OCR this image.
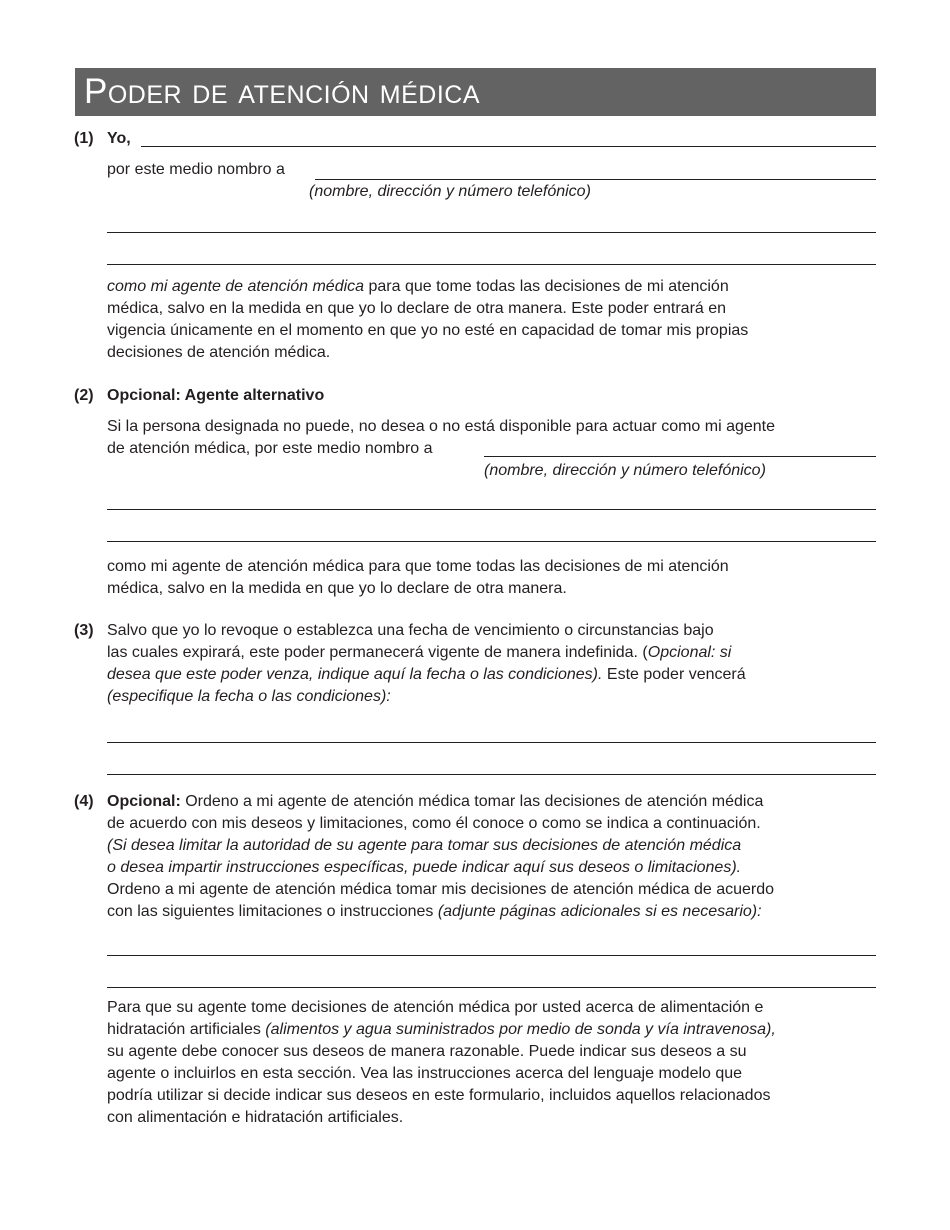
Poder de atención médica
(1) Yo,
por este medio nombro a
(nombre, dirección y número telefónico)
como mi agente de atención médica para que tome todas las decisiones de mi atención
médica, salvo en la medida en que yo lo declare de otra manera. Este poder entrará en
vigencia únicamente en el momento en que yo no esté en capacidad de tomar mis propias
decisiones de atención médica.
(2) Opcional: Agente alternativo
Si la persona designada no puede, no desea o no está disponible para actuar como mi agente
de atención médica, por este medio nombro a
(nombre, dirección y número telefónico)
como mi agente de atención médica para que tome todas las decisiones de mi atención
médica, salvo en la medida en que yo lo declare de otra manera.
(3) Salvo que yo lo revoque o establezca una fecha de vencimiento o circunstancias bajo
las cuales expirará, este poder permanecerá vigente de manera indefinida. (Opcional: si
desea que este poder venza, indique aquí la fecha o las condiciones). Este poder vencerá
(especifique la fecha o las condiciones):
(4) Opcional: Ordeno a mi agente de atención médica tomar las decisiones de atención médica
de acuerdo con mis deseos y limitaciones, como él conoce o como se indica a continuación.
(Si desea limitar la autoridad de su agente para tomar sus decisiones de atención médica
o desea impartir instrucciones específicas, puede indicar aquí sus deseos o limitaciones).
Ordeno a mi agente de atención médica tomar mis decisiones de atención médica de acuerdo
con las siguientes limitaciones o instrucciones (adjunte páginas adicionales si es necesario):
Para que su agente tome decisiones de atención médica por usted acerca de alimentación e
hidratación artificiales (alimentos y agua suministrados por medio de sonda y vía intravenosa),
su agente debe conocer sus deseos de manera razonable. Puede indicar sus deseos a su
agente o incluirlos en esta sección. Vea las instrucciones acerca del lenguaje modelo que
podría utilizar si decide indicar sus deseos en este formulario, incluidos aquellos relacionados
con alimentación e hidratación artificiales.
